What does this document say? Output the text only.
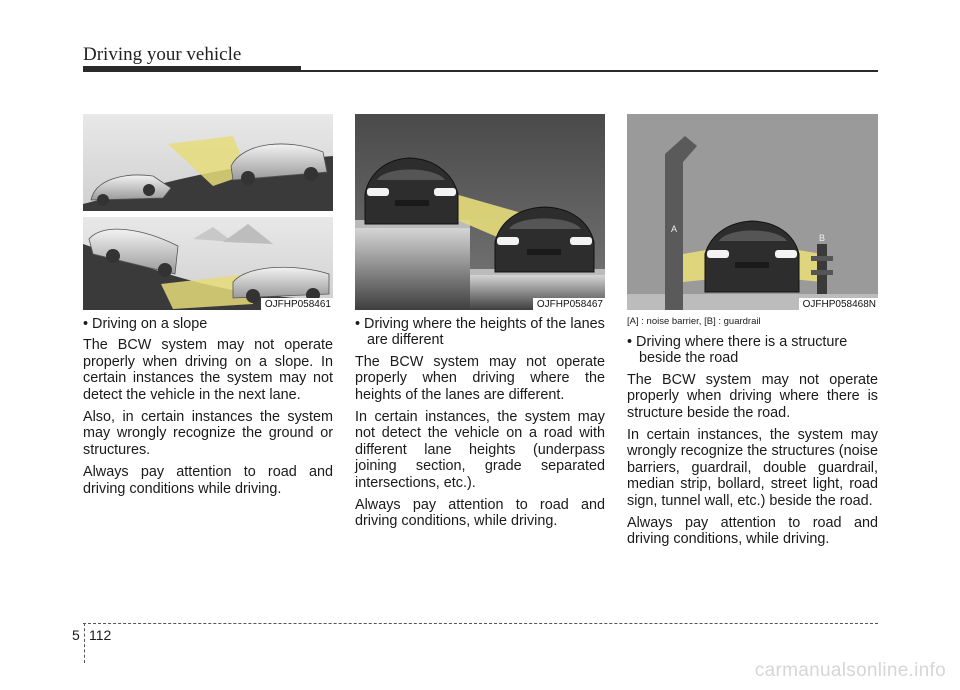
Driving your vehicle
OJFHP058461	OJFHP058467
A
B
OJFHP058468N

• Driving on a slope

The BCW system may not operate properly when driving on a slope. In certain instances the system may not detect the vehicle in the next lane.

Also, in certain instances the system may wrongly recognize the ground or structures.

Always pay attention to road and driving conditions while driving.

• Driving where the heights of the lanes are different

The BCW system may not operate properly when driving where the heights of the lanes are different.

In certain instances, the system may not detect the vehicle on a road with different lane heights (underpass joining section, grade separated intersections, etc.).

Always pay attention to road and driving conditions, while driving.

[A] : noise barrier, [B] : guardrail

• Driving where there is a structure beside the road

The BCW system may not operate properly when driving where there is structure beside the road.

In certain instances, the system may wrongly recognize the structures (noise barriers, guardrail, double guardrail, median strip, bollard, street light, road sign, tunnel wall, etc.) beside the road.

Always pay attention to road and driving conditions, while driving.

5 112
carmanualsonline.info
